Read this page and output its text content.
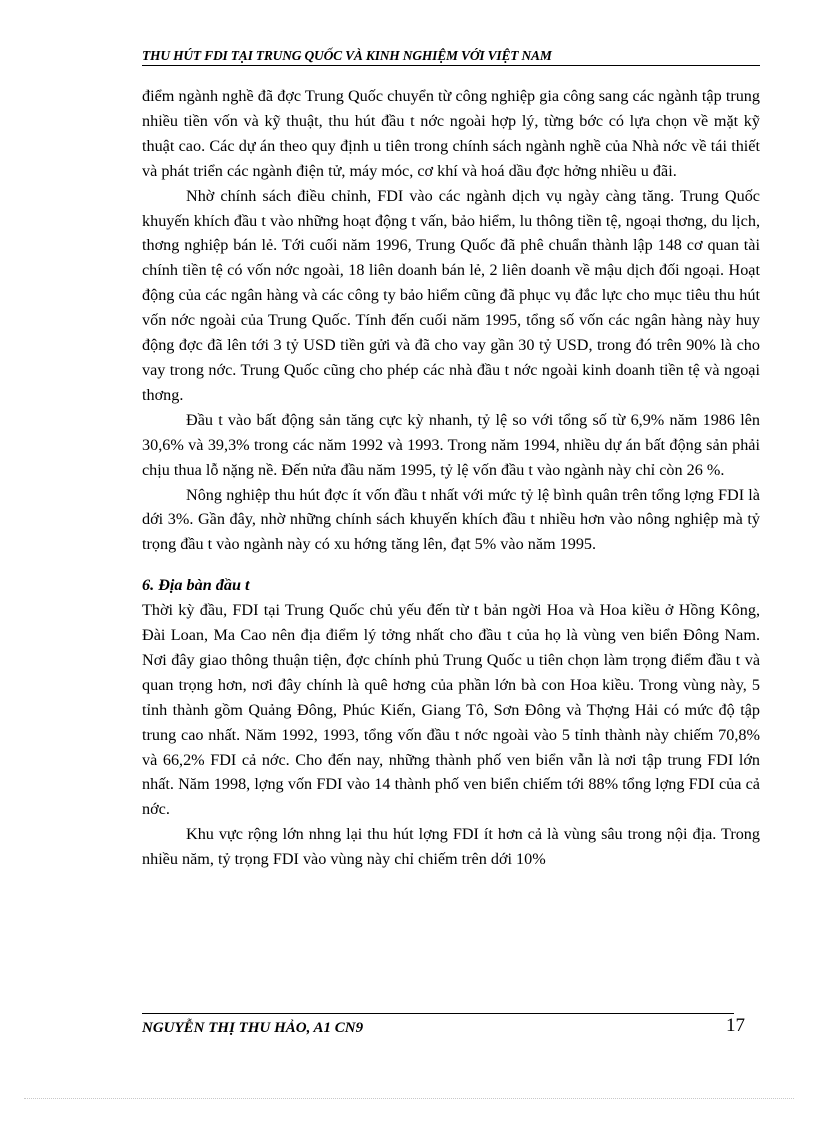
THU HÚT FDI TẠI TRUNG QUỐC VÀ KINH NGHIỆM VỚI VIỆT NAM

điểm ngành nghề đã đợc Trung Quốc chuyển từ công nghiệp gia công sang các ngành tập trung nhiều tiền vốn và kỹ thuật, thu hút đầu t nớc ngoài hợp lý, từng bớc có lựa chọn về mặt kỹ thuật cao. Các dự án theo quy định u tiên trong chính sách ngành nghề của Nhà nớc về tái thiết và phát triển các ngành điện tử, máy móc, cơ khí và hoá dầu đợc hởng nhiều u đãi.

Nhờ chính sách điều chỉnh, FDI vào các ngành dịch vụ ngày càng tăng. Trung Quốc khuyến khích đầu t vào những hoạt động t vấn, bảo hiểm, lu thông tiền tệ, ngoại thơng, du lịch, thơng nghiệp bán lẻ. Tới cuối năm 1996, Trung Quốc đã phê chuẩn thành lập 148 cơ quan tài chính tiền tệ có vốn nớc ngoài, 18 liên doanh bán lẻ, 2 liên doanh về mậu dịch đối ngoại. Hoạt động của các ngân hàng và các công ty bảo hiểm cũng đã phục vụ đắc lực cho mục tiêu thu hút vốn nớc ngoài của Trung Quốc. Tính đến cuối năm 1995, tổng số vốn các ngân hàng này huy động đợc đã lên tới 3 tỷ USD tiền gửi và đã cho vay gần 30 tỷ USD, trong đó trên 90% là cho vay trong nớc. Trung Quốc cũng cho phép các nhà đầu t nớc ngoài kinh doanh tiền tệ và ngoại thơng.

Đầu t vào bất động sản tăng cực kỳ nhanh, tỷ lệ so với tổng số từ 6,9% năm 1986 lên 30,6% và 39,3% trong các năm 1992 và 1993. Trong năm 1994, nhiều dự án bất động sản phải chịu thua lỗ nặng nề. Đến nửa đầu năm 1995, tỷ lệ vốn đầu t vào ngành này chỉ còn 26 %.

Nông nghiệp thu hút đợc ít vốn đầu t nhất với mức tỷ lệ bình quân trên tổng lợng FDI là dới 3%. Gần đây, nhờ những chính sách khuyến khích đầu t nhiều hơn vào nông nghiệp mà tỷ trọng đầu t vào ngành này có xu hớng tăng lên, đạt 5% vào năm 1995.

6. Địa bàn đầu t

Thời kỳ đầu, FDI tại Trung Quốc chủ yếu đến từ t bản ngời Hoa và Hoa kiều ở Hồng Kông, Đài Loan, Ma Cao nên địa điểm lý tởng nhất cho đầu t của họ là vùng ven biển Đông Nam. Nơi đây giao thông thuận tiện, đợc chính phủ Trung Quốc u tiên chọn làm trọng điểm đầu t và quan trọng hơn, nơi đây chính là quê hơng của phần lớn bà con Hoa kiều. Trong vùng này, 5 tỉnh thành gồm Quảng Đông, Phúc Kiến, Giang Tô, Sơn Đông và Thợng Hải có mức độ tập trung cao nhất. Năm 1992, 1993, tổng vốn đầu t nớc ngoài vào 5 tỉnh thành này chiếm 70,8% và 66,2% FDI cả nớc. Cho đến nay, những thành phố ven biển vẫn là nơi tập trung FDI lớn nhất. Năm 1998, lợng vốn FDI vào 14 thành phố ven biển chiếm tới 88% tổng lợng FDI của cả nớc.

Khu vực rộng lớn nhng lại thu hút lợng FDI ít hơn cả là vùng sâu trong nội địa. Trong nhiều năm, tỷ trọng FDI vào vùng này chỉ chiếm trên dới 10%

NGUYỄN THỊ THU HẢO, A1 CN9	17
